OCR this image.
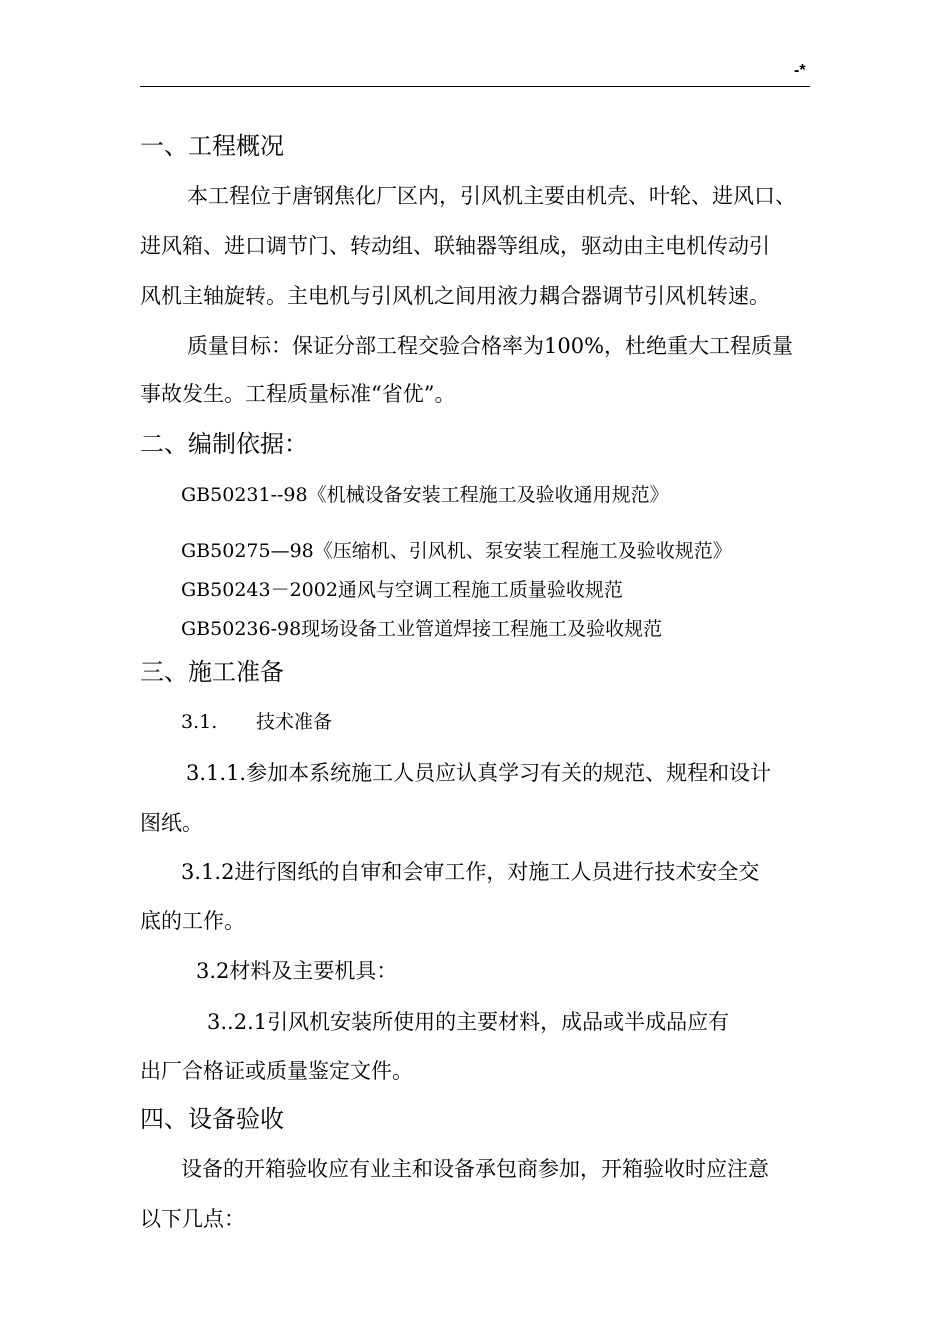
-*
一、工程概况
本工程位于唐钢焦化厂区内，引风机主要由机壳、叶轮、进风口、
进风箱、进口调节门、转动组、联轴器等组成，驱动由主电机传动引
风机主轴旋转。主电机与引风机之间用液力耦合器调节引风机转速。
质量目标：保证分部工程交验合格率为100%，杜绝重大工程质量
事故发生。工程质量标准“省优”。
二、编制依据：
GB50231--98《机械设备安装工程施工及验收通用规范》
GB50275—98《压缩机、引风机、泵安装工程施工及验收规范》
GB50243－2002通风与空调工程施工质量验收规范
GB50236-98现场设备工业管道焊接工程施工及验收规范
三、施工准备
3.1. 技术准备
3.1.1.参加本系统施工人员应认真学习有关的规范、规程和设计
图纸。
3.1.2进行图纸的自审和会审工作，对施工人员进行技术安全交
底的工作。
3.2材料及主要机具：
3..2.1引风机安装所使用的主要材料，成品或半成品应有
出厂合格证或质量鉴定文件。
四、设备验收
设备的开箱验收应有业主和设备承包商参加，开箱验收时应注意
以下几点：
